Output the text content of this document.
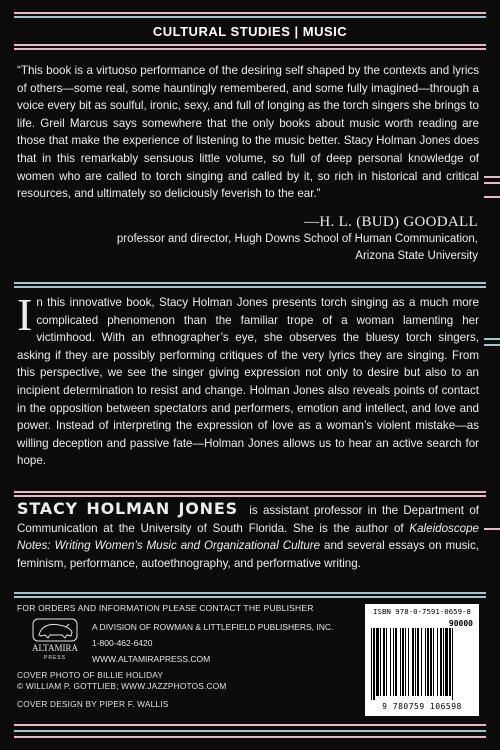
CULTURAL STUDIES | MUSIC

“This book is a virtuoso performance of the desiring self shaped by the contexts and lyrics of others—some real, some hauntingly remembered, and some fully imagined—through a voice every bit as soulful, ironic, sexy, and full of longing as the torch singers she brings to life. Greil Marcus says somewhere that the only books about music worth reading are those that make the experience of listening to the music better. Stacy Holman Jones does that in this remarkably sensuous little volume, so full of deep personal knowledge of women who are called to torch singing and called by it, so rich in historical and critical resources, and ultimately so deliciously feverish to the ear.”

—H. L. (BUD) GOODALL
professor and director, Hugh Downs School of Human Communication,
Arizona State University

In this innovative book, Stacy Holman Jones presents torch singing as a much more complicated phenomenon than the familiar trope of a woman lamenting her victimhood. With an ethnographer’s eye, she observes the bluesy torch singers, asking if they are possibly performing critiques of the very lyrics they are singing. From this perspective, we see the singer giving expression not only to desire but also to an incipient determination to resist and change. Holman Jones also reveals points of contact in the opposition between spectators and performers, emotion and intellect, and love and power. Instead of interpreting the expression of love as a woman’s violent mistake—as willing deception and passive fate—Holman Jones allows us to hear an active search for hope.

STACY HOLMAN JONES is assistant professor in the Department of Communication at the University of South Florida. She is the author of Kaleidoscope Notes: Writing Women’s Music and Organizational Culture and several essays on music, feminism, performance, autoethnography, and performative writing.

FOR ORDERS AND INFORMATION PLEASE CONTACT THE PUBLISHER
ALTAMIRA
PRESS
A DIVISION OF ROWMAN & LITTLEFIELD PUBLISHERS, INC.
1-800-462-6420
WWW.ALTAMIRAPRESS.COM
COVER PHOTO OF BILLIE HOLIDAY
© WILLIAM P. GOTTLIEB; WWW.JAZZPHOTOS.COM
COVER DESIGN BY PIPER F. WALLIS
ISBN 978-0-7591-0659-8
90000
9 780759 106598
